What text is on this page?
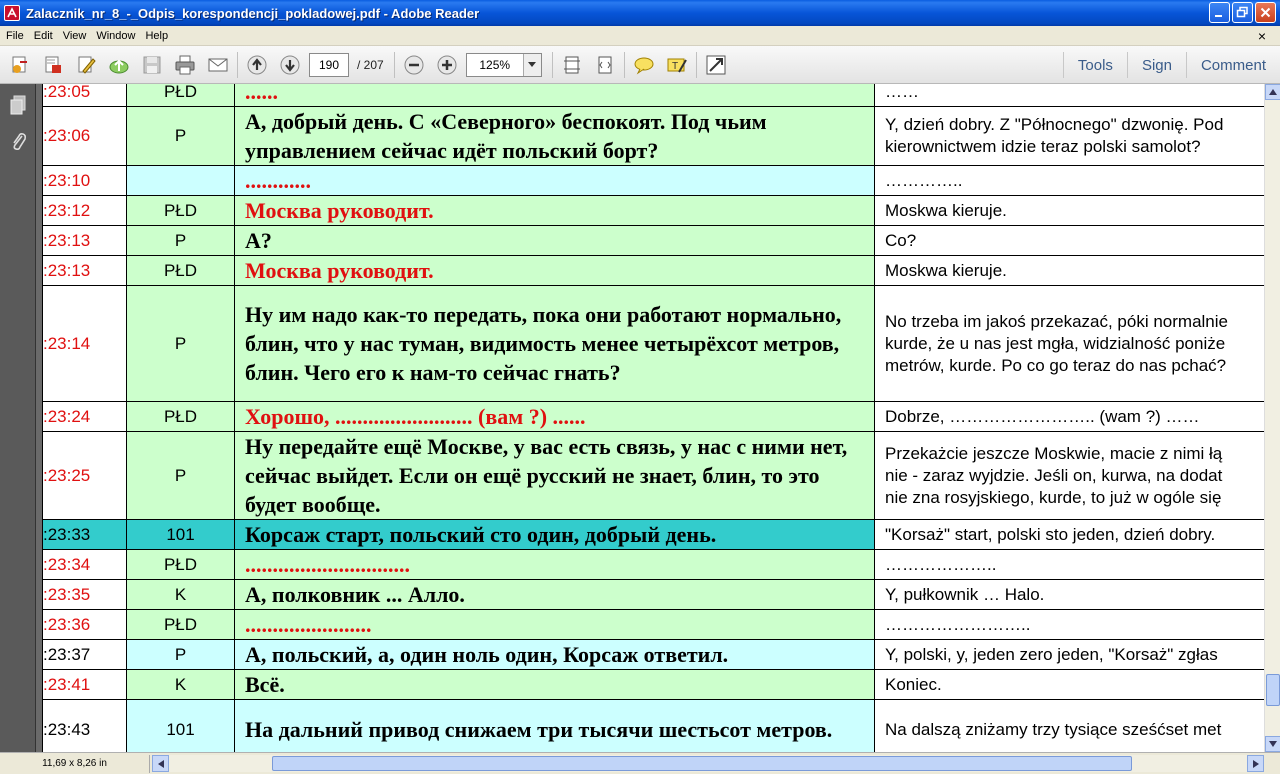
Zalacznik_nr_8_-_Odpis_korespondencji_pokladowej.pdf - Adobe Reader
File Edit View Window Help	×
190	/ 207	125%	T	Tools	Sign	Comment
:23:05	PŁD	......	……
:23:06	P	А, добрый день. С «Северного» беспокоят. Под чьим управлением сейчас идёт польский борт?	Y, dzień dobry. Z "Północnego" dzwonię. Pod
kierownictwem idzie teraz polski samolot?
:23:10		............	…………..
:23:12	PŁD	Москва руководит.	Moskwa kieruje.
:23:13	P	А?	Co?
:23:13	PŁD	Москва руководит.	Moskwa kieruje.
:23:14	P	Ну им надо как-то передать, пока они работают нормально, блин, что у нас туман, видимость менее четырёхсот метров, блин. Чего его к нам-то сейчас гнать?	No trzeba im jakoś przekazać, póki normalnie
kurde, że u nas jest mgła, widzialność poniże
metrów, kurde. Po co go teraz do nas pchać?
:23:24	PŁD	Хорошо, ......................... (вам ?) ......	Dobrze, …………………….. (wam ?) ……
:23:25	P	Ну передайте ещё Москве, у вас есть связь, у нас с ними нет, сейчас выйдет. Если он ещё русский не знает, блин, то это будет вообще.	Przekażcie jeszcze Moskwie, macie z nimi łą
nie - zaraz wyjdzie. Jeśli on, kurwa, na dodat
nie zna rosyjskiego, kurde, to już w ogóle się
:23:33	101	Корсаж старт, польский сто один, добрый день.	"Korsaż" start, polski sto jeden, dzień dobry.
:23:34	PŁD	..............................	………………..
:23:35	K	А, полковник ... Алло.	Y, pułkownik … Halo.
:23:36	PŁD	.......................	……………………..
:23:37	P	А, польский, а, один ноль один, Корсаж ответил.	Y, polski, y, jeden zero jeden, "Korsaż" zgłas
:23:41	K	Всё.	Koniec.
:23:43	101	На дальний привод снижаем три тысячи шестьсот метров.	Na dalszą zniżamy trzy tysiące sześćset met
11,69 x 8,26 in
